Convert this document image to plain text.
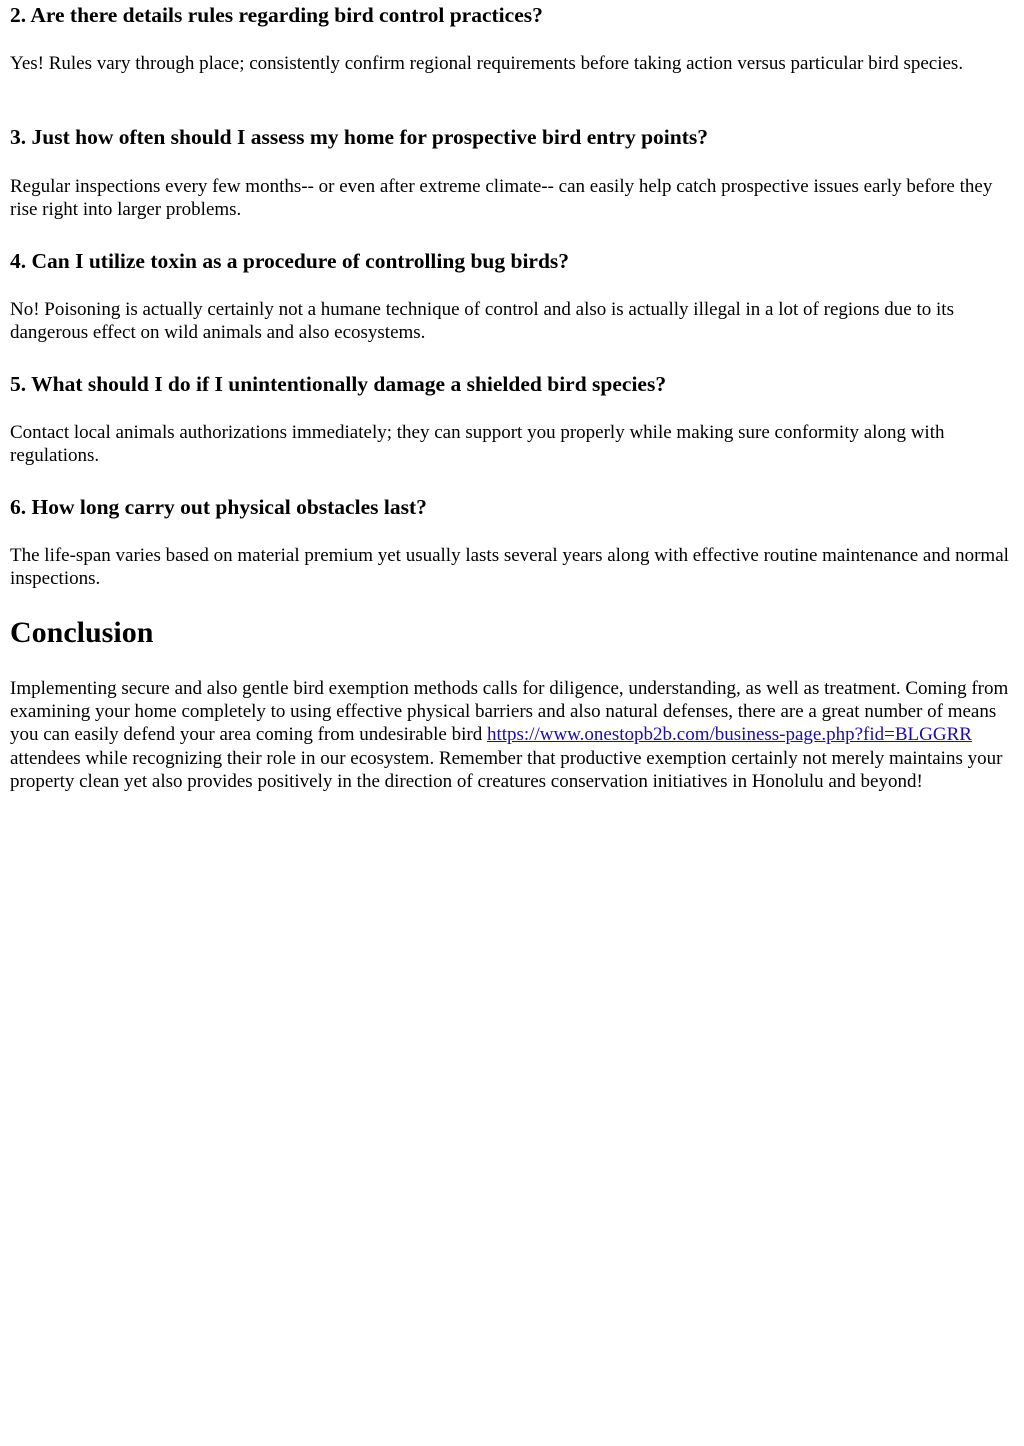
2. Are there details rules regarding bird control practices?

Yes! Rules vary through place; consistently confirm regional requirements before taking action versus particular bird species.

3. Just how often should I assess my home for prospective bird entry points?

Regular inspections every few months-- or even after extreme climate-- can easily help catch prospective issues early before they rise right into larger problems.

4. Can I utilize toxin as a procedure of controlling bug birds?

No! Poisoning is actually certainly not a humane technique of control and also is actually illegal in a lot of regions due to its dangerous effect on wild animals and also ecosystems.

5. What should I do if I unintentionally damage a shielded bird species?

Contact local animals authorizations immediately; they can support you properly while making sure conformity along with regulations.

6. How long carry out physical obstacles last?

The life-span varies based on material premium yet usually lasts several years along with effective routine maintenance and normal inspections.

Conclusion

Implementing secure and also gentle bird exemption methods calls for diligence, understanding, as well as treatment. Coming from examining your home completely to using effective physical barriers and also natural defenses, there are a great number of means you can easily defend your area coming from undesirable bird https://www.onestopb2b.com/business-page.php?fid=BLGGRR attendees while recognizing their role in our ecosystem. Remember that productive exemption certainly not merely maintains your property clean yet also provides positively in the direction of creatures conservation initiatives in Honolulu and beyond!
